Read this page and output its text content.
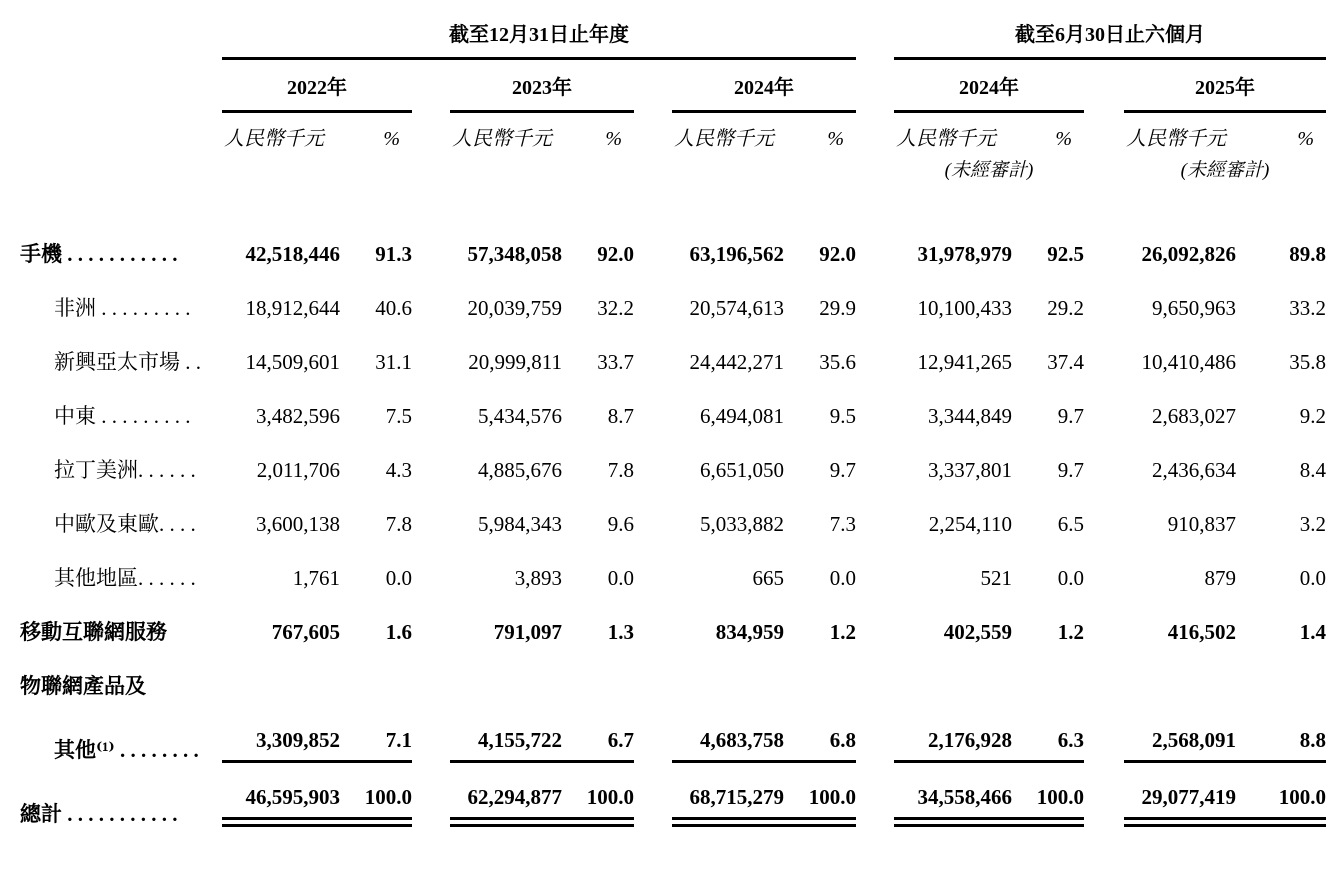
	截至12月31日止年度									截至6月30日止六個月				
	2022年			2023年			2024年			2024年			2025年	
	人民幣千元	%		人民幣千元	%		人民幣千元	%		人民幣千元	%		人民幣千元	%
										(未經審計)			(未經審計)	
手機 . . . . . . . . . . .	42,518,446	91.3		57,348,058	92.0		63,196,562	92.0		31,978,979	92.5		26,092,826	89.8

非洲 . . . . . . . . .	18,912,644	40.6		20,039,759	32.2		20,574,613	29.9		10,100,433	29.2		9,650,963	33.2

新興亞太市場 . .	14,509,601	31.1		20,999,811	33.7		24,442,271	35.6		12,941,265	37.4		10,410,486	35.8

中東 . . . . . . . . .	3,482,596	7.5		5,434,576	8.7		6,494,081	9.5		3,344,849	9.7		2,683,027	9.2

拉丁美洲. . . . . .	2,011,706	4.3		4,885,676	7.8		6,651,050	9.7		3,337,801	9.7		2,436,634	8.4

中歐及東歐. . . .	3,600,138	7.8		5,984,343	9.6		5,033,882	7.3		2,254,110	6.5		910,837	3.2

其他地區. . . . . .	1,761	0.0		3,893	0.0		665	0.0		521	0.0		879	0.0

移動互聯網服務	767,605	1.6		791,097	1.3		834,959	1.2		402,559	1.2		416,502	1.4

物聯網產品及														
其他⁽¹⁾ . . . . . . . .	3,309,852	7.1		4,155,722	6.7		4,683,758	6.8		2,176,928	6.3		2,568,091	8.8

總計 . . . . . . . . . . .	46,595,903	100.0		62,294,877	100.0		68,715,279	100.0		34,558,466	100.0		29,077,419	100.0
